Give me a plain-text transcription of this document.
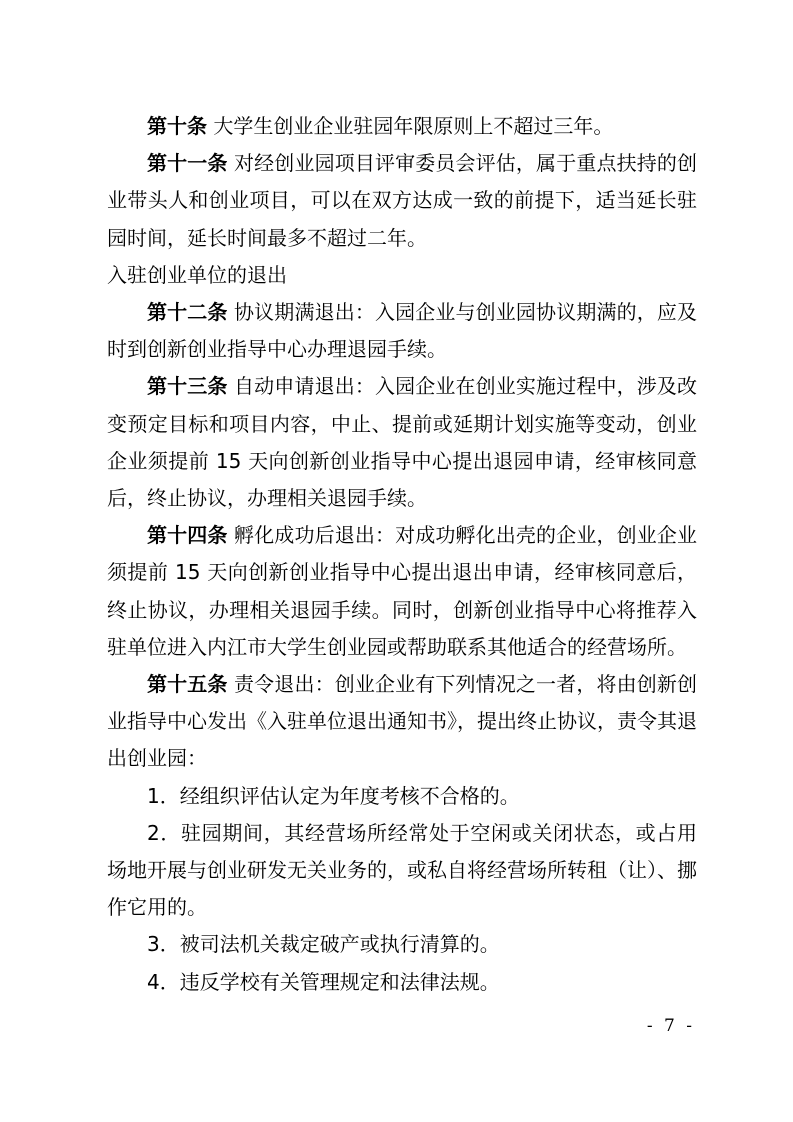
第十条 大学生创业企业驻园年限原则上不超过三年。

第十一条 对经创业园项目评审委员会评估，属于重点扶持的创业带头人和创业项目，可以在双方达成一致的前提下，适当延长驻园时间，延长时间最多不超过二年。

入驻创业单位的退出

第十二条 协议期满退出：入园企业与创业园协议期满的，应及时到创新创业指导中心办理退园手续。

第十三条 自动申请退出：入园企业在创业实施过程中，涉及改变预定目标和项目内容，中止、提前或延期计划实施等变动，创业企业须提前 15 天向创新创业指导中心提出退园申请，经审核同意后，终止协议，办理相关退园手续。

第十四条 孵化成功后退出：对成功孵化出壳的企业，创业企业须提前 15 天向创新创业指导中心提出退出申请，经审核同意后，终止协议，办理相关退园手续。同时，创新创业指导中心将推荐入驻单位进入内江市大学生创业园或帮助联系其他适合的经营场所。

第十五条 责令退出：创业企业有下列情况之一者，将由创新创业指导中心发出《入驻单位退出通知书》，提出终止协议，责令其退出创业园：

1．经组织评估认定为年度考核不合格的。

2．驻园期间，其经营场所经常处于空闲或关闭状态，或占用场地开展与创业研发无关业务的，或私自将经营场所转租（让）、挪作它用的。

3．被司法机关裁定破产或执行清算的。

4．违反学校有关管理规定和法律法规。

- 7 -
